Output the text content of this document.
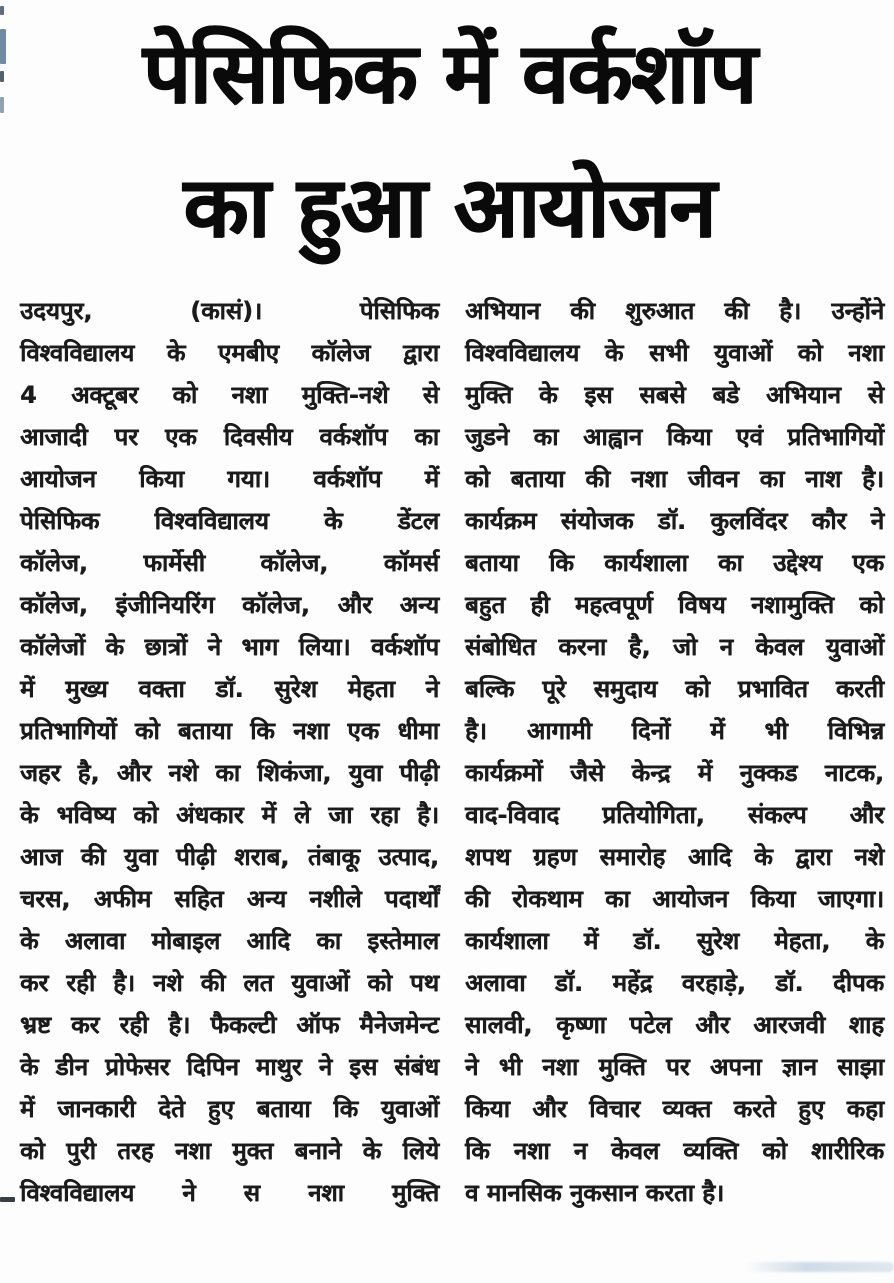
पेसिफिक में वर्कशॉप
का हुआ आयोजन
उदयपुर, (कासं)। पेसिफिक
विश्वविद्यालय के एमबीए कॉलेज द्वारा
4 अक्टूबर को नशा मुक्ति-नशे से
आजादी पर एक दिवसीय वर्कशॉप का
आयोजन किया गया। वर्कशॉप में
पेसिफिक विश्वविद्यालय के डेंटल
कॉलेज, फार्मेसी कॉलेज, कॉमर्स
कॉलेज, इंजीनियरिंग कॉलेज, और अन्य
कॉलेजों के छात्रों ने भाग लिया। वर्कशॉप
में मुख्य वक्ता डॉ. सुरेश मेहता ने
प्रतिभागियों को बताया कि नशा एक धीमा
जहर है, और नशे का शिकंजा, युवा पीढ़ी
के भविष्य को अंधकार में ले जा रहा है।
आज की युवा पीढ़ी शराब, तंबाकू उत्पाद,
चरस, अफीम सहित अन्य नशीले पदार्थों
के अलावा मोबाइल आदि का इस्तेमाल
कर रही है। नशे की लत युवाओं को पथ
भ्रष्ट कर रही है। फैकल्टी ऑफ मैनेजमेन्ट
के डीन प्रोफेसर दिपिन माथुर ने इस संबंध
में जानकारी देते हुए बताया कि युवाओं
को पुरी तरह नशा मुक्त बनाने के लिये
विश्वविद्यालय ने स नशा मुक्ति
अभियान की शुरुआत की है। उन्होंने
विश्वविद्यालय के सभी युवाओं को नशा
मुक्ति के इस सबसे बडे अभियान से
जुडने का आह्वान किया एवं प्रतिभागियों
को बताया की नशा जीवन का नाश है।
कार्यक्रम संयोजक डॉ. कुलविंदर कौर ने
बताया कि कार्यशाला का उद्देश्य एक
बहुत ही महत्वपूर्ण विषय नशामुक्ति को
संबोधित करना है, जो न केवल युवाओं
बल्कि पूरे समुदाय को प्रभावित करती
है। आगामी दिनों में भी विभिन्न
कार्यक्रमों जैसे केन्द्र में नुक्कड नाटक,
वाद-विवाद प्रतियोगिता, संकल्प और
शपथ ग्रहण समारोह आदि के द्वारा नशे
की रोकथाम का आयोजन किया जाएगा।
कार्यशाला में डॉ. सुरेश मेहता, के
अलावा डॉ. महेंद्र वरहाड़े, डॉ. दीपक
सालवी, कृष्णा पटेल और आरजवी शाह
ने भी नशा मुक्ति पर अपना ज्ञान साझा
किया और विचार व्यक्त करते हुए कहा
कि नशा न केवल व्यक्ति को शारीरिक
व मानसिक नुकसान करता है।
